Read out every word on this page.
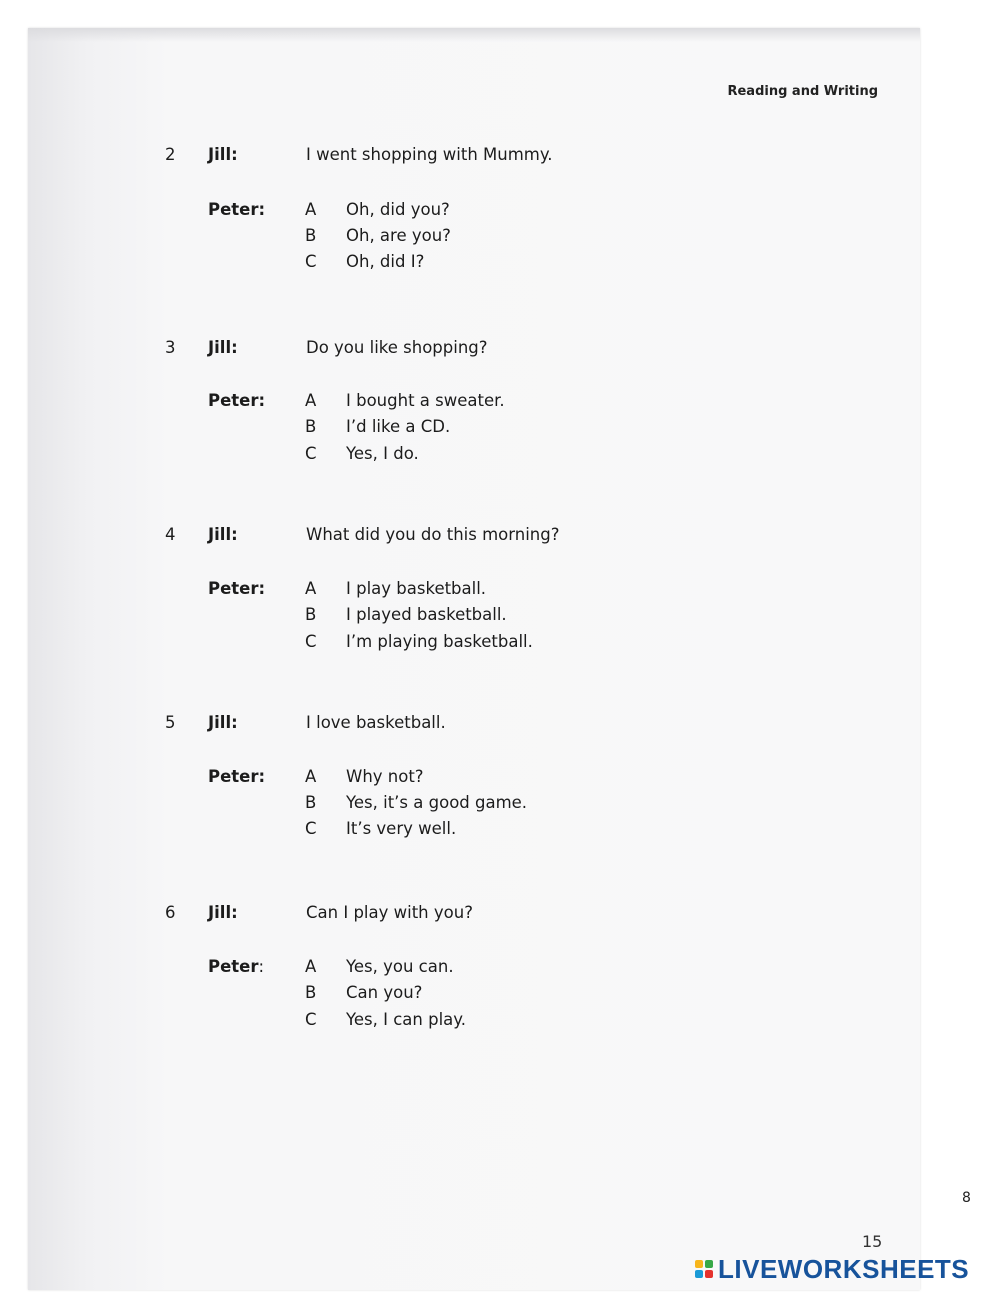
Reading and Writing
2 Jill:	I went shopping with Mummy.
Peter: A Oh, did you?
B Oh, are you?
C Oh, did I?
3 Jill:	Do you like shopping?
Peter: A I bought a sweater.
B I’d like a CD.
C Yes, I do.
4 Jill:	What did you do this morning?
Peter: A I play basketball.
B I played basketball.
C I’m playing basketball.
5 Jill:	I love basketball.
Peter: A Why not?
B Yes, it’s a good game.
C It’s very well.
6 Jill:	Can I play with you?
Peter: A Yes, you can.
B Can you?
C Yes, I can play.
8
15
LIVEWORKSHEETS
